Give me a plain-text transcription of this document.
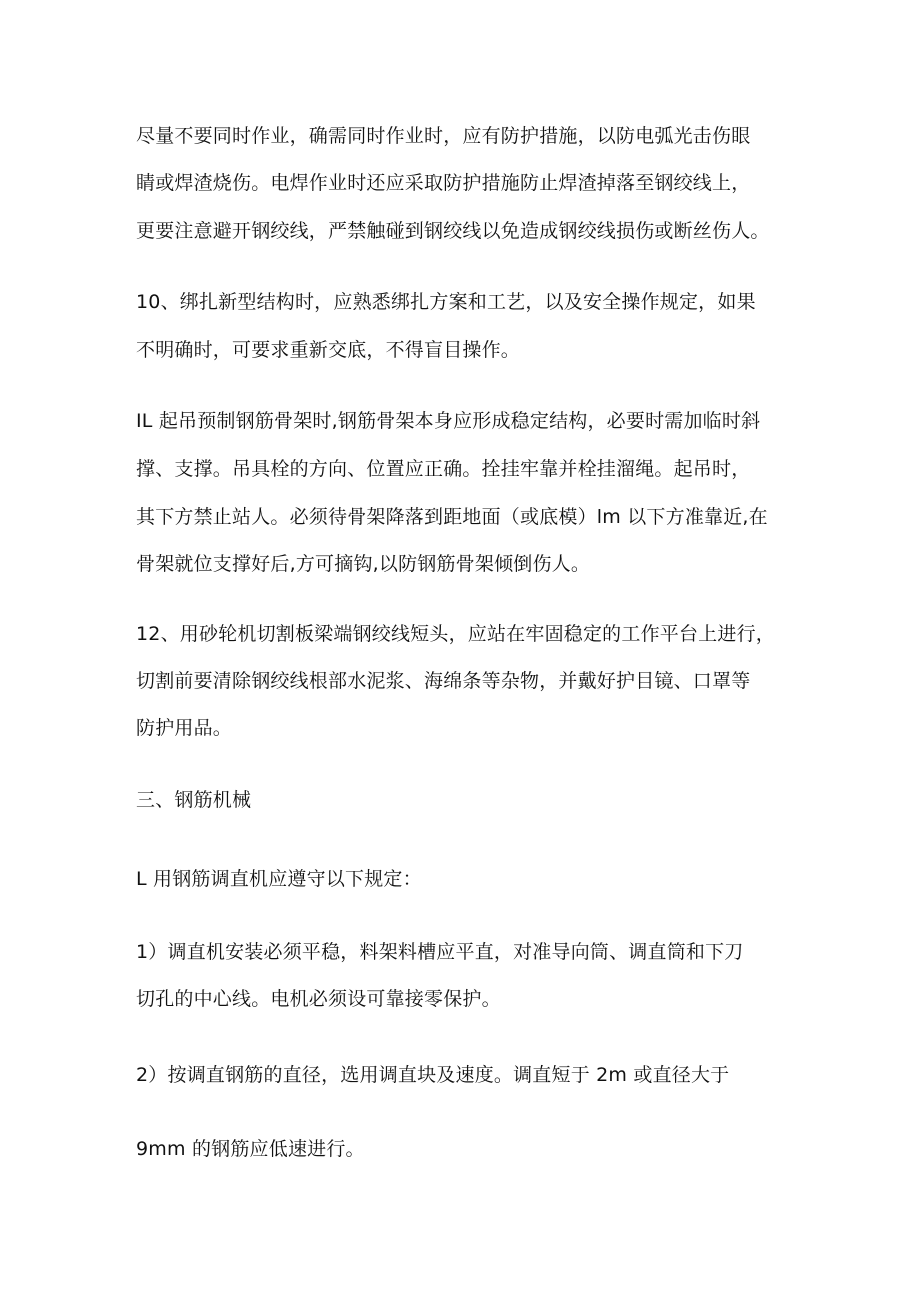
尽量不要同时作业，确需同时作业时，应有防护措施，以防电弧光击伤眼
睛或焊渣烧伤。电焊作业时还应采取防护措施防止焊渣掉落至钢绞线上，
更要注意避开钢绞线，严禁触碰到钢绞线以免造成钢绞线损伤或断丝伤人。
10、绑扎新型结构时，应熟悉绑扎方案和工艺，以及安全操作规定，如果
不明确时，可要求重新交底，不得盲目操作。
IL 起吊预制钢筋骨架时,钢筋骨架本身应形成稳定结构，必要时需加临时斜
撑、支撑。吊具栓的方向、位置应正确。拴挂牢靠并栓挂溜绳。起吊时，
其下方禁止站人。必须待骨架降落到距地面（或底模）lm 以下方准靠近,在
骨架就位支撑好后,方可摘钩,以防钢筋骨架倾倒伤人。
12、用砂轮机切割板梁端钢绞线短头，应站在牢固稳定的工作平台上进行，
切割前要清除钢绞线根部水泥浆、海绵条等杂物，并戴好护目镜、口罩等
防护用品。
三、钢筋机械
L 用钢筋调直机应遵守以下规定：
1）调直机安装必须平稳，料架料槽应平直，对准导向筒、调直筒和下刀
切孔的中心线。电机必须设可靠接零保护。
2）按调直钢筋的直径，选用调直块及速度。调直短于 2m 或直径大于
9mm 的钢筋应低速进行。
